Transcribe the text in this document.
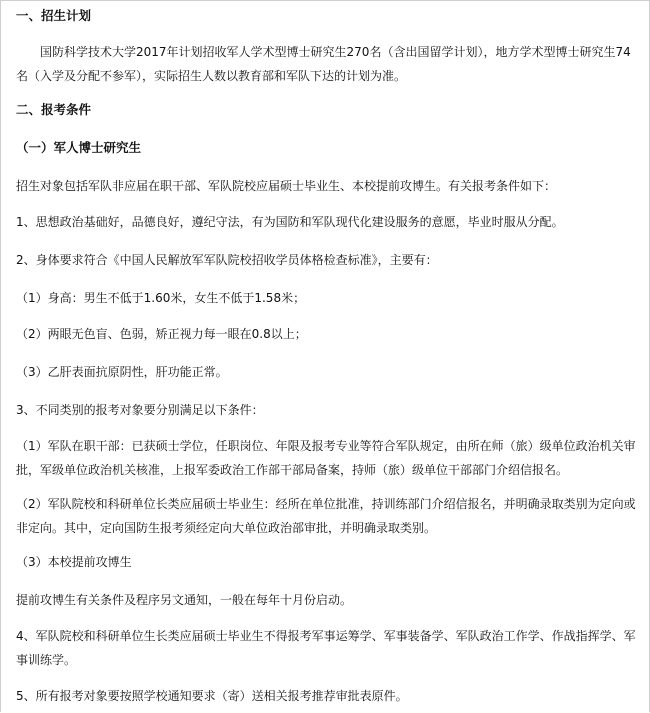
一、招生计划
国防科学技术大学2017年计划招收军人学术型博士研究生270名（含出国留学计划），地方学术型博士研究生74名（入学及分配不参军），实际招生人数以教育部和军队下达的计划为准。
二、报考条件
（一）军人博士研究生
招生对象包括军队非应届在职干部、军队院校应届硕士毕业生、本校提前攻博生。有关报考条件如下：
1、思想政治基础好，品德良好，遵纪守法，有为国防和军队现代化建设服务的意愿，毕业时服从分配。
2、身体要求符合《中国人民解放军军队院校招收学员体格检查标准》，主要有：
（1）身高：男生不低于1.60米，女生不低于1.58米；
（2）两眼无色盲、色弱，矫正视力每一眼在0.8以上；
（3）乙肝表面抗原阴性，肝功能正常。
3、不同类别的报考对象要分别满足以下条件：
（1）军队在职干部：已获硕士学位，任职岗位、年限及报考专业等符合军队规定，由所在师（旅）级单位政治机关审批，军级单位政治机关核准，上报军委政治工作部干部局备案，持师（旅）级单位干部部门介绍信报名。
（2）军队院校和科研单位长类应届硕士毕业生：经所在单位批准，持训练部门介绍信报名，并明确录取类别为定向或非定向。其中，定向国防生报考须经定向大单位政治部审批，并明确录取类别。
（3）本校提前攻博生
提前攻博生有关条件及程序另文通知，一般在每年十月份启动。
4、军队院校和科研单位生长类应届硕士毕业生不得报考军事运筹学、军事装备学、军队政治工作学、作战指挥学、军事训练学。
5、所有报考对象要按照学校通知要求（寄）送相关报考推荐审批表原件。
